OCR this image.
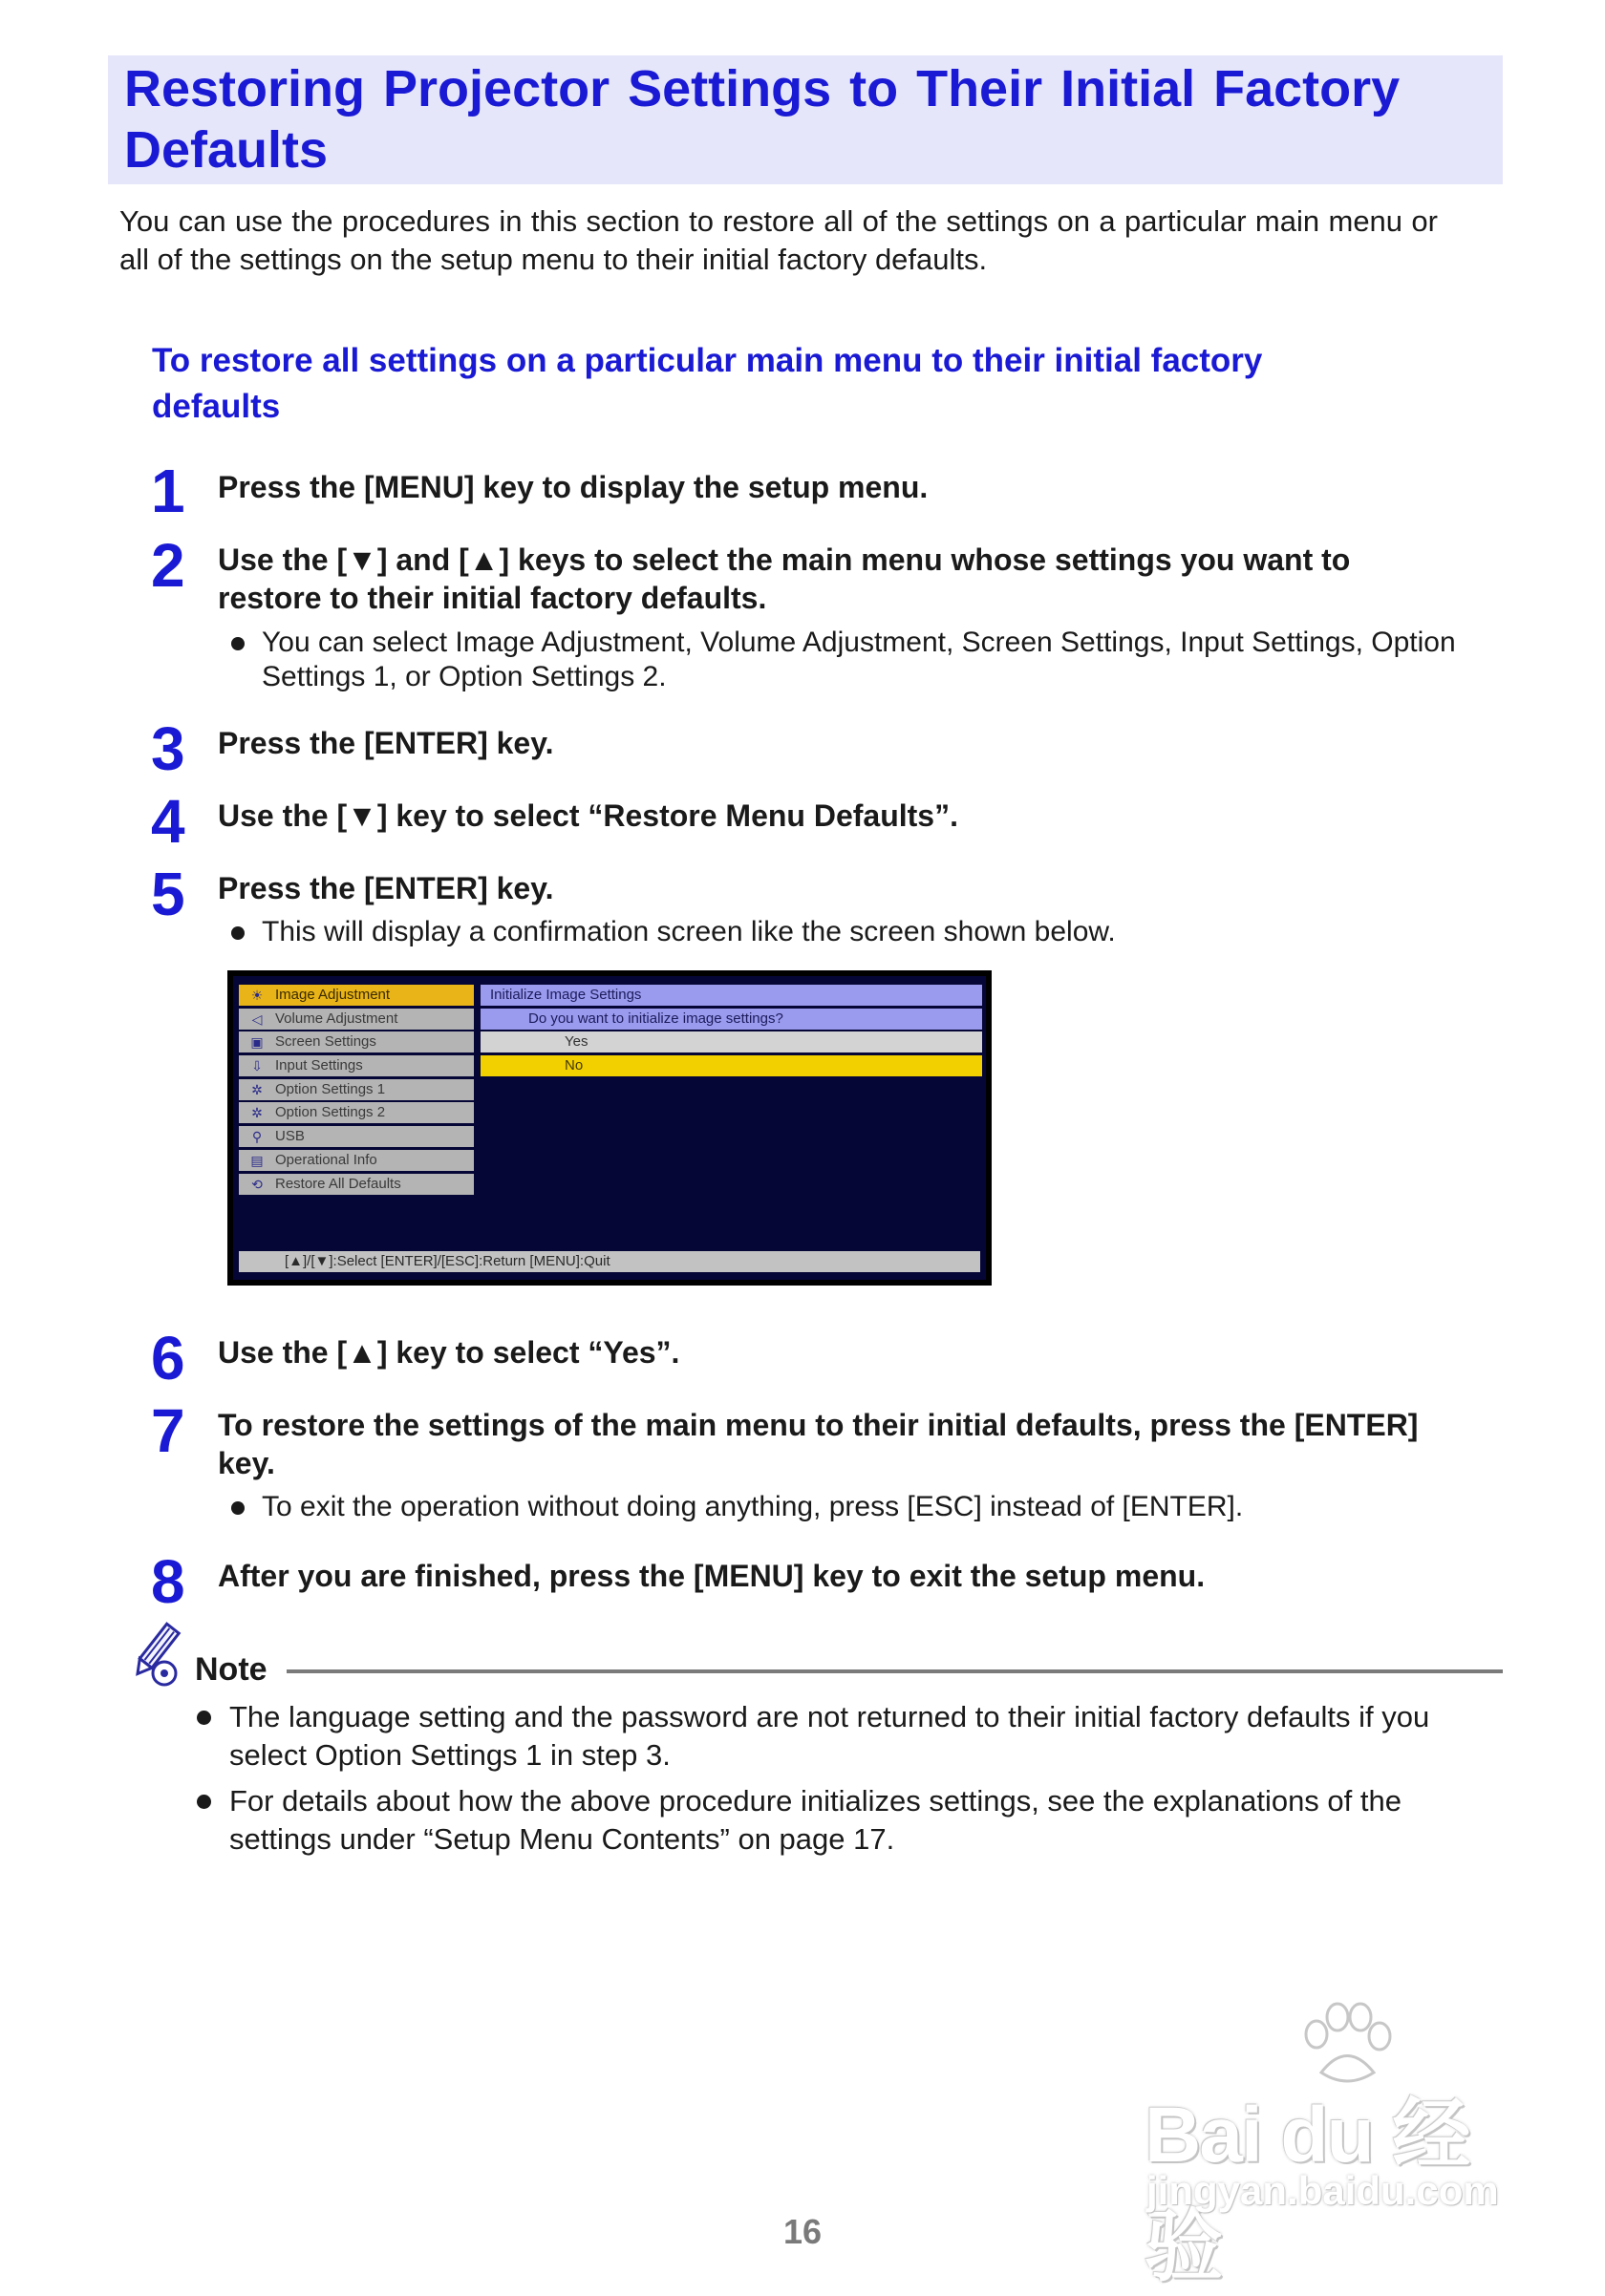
Restoring Projector Settings to Their Initial Factory Defaults

You can use the procedures in this section to restore all of the settings on a particular main menu or all of the settings on the setup menu to their initial factory defaults.

To restore all settings on a particular main menu to their initial factory defaults
1	Press the [MENU] key to display the setup menu.

2	Use the [▼] and [▲] keys to select the main menu whose settings you want to restore to their initial factory defaults.

You can select Image Adjustment, Volume Adjustment, Screen Settings, Input Settings, Option Settings 1, or Option Settings 2.

3	Press the [ENTER] key.

4	Use the [▼] key to select “Restore Menu Defaults”.

5	Press the [ENTER] key.

This will display a confirmation screen like the screen shown below.

☀ Image Adjustment
◁ Volume Adjustment
▣ Screen Settings
⇩ Input Settings
✲ Option Settings 1
✲ Option Settings 2
⚲ USB
▤ Operational Info
⟲ Restore All Defaults
Initialize Image Settings
Do you want to initialize image settings?
Yes
No
[▲]/[▼]:Select [ENTER]/[ESC]:Return [MENU]:Quit
6	Use the [▲] key to select “Yes”.

7	To restore the settings of the main menu to their initial defaults, press the [ENTER] key.

To exit the operation without doing anything, press [ESC] instead of [ENTER].

8	After you are finished, press the [MENU] key to exit the setup menu.

Note

The language setting and the password are not returned to their initial factory defaults if you select Option Settings 1 in step 3.

For details about how the above procedure initializes settings, see the explanations of the settings under “Setup Menu Contents” on page 17.

Bai du 经验
jingyan.baidu.com
16
